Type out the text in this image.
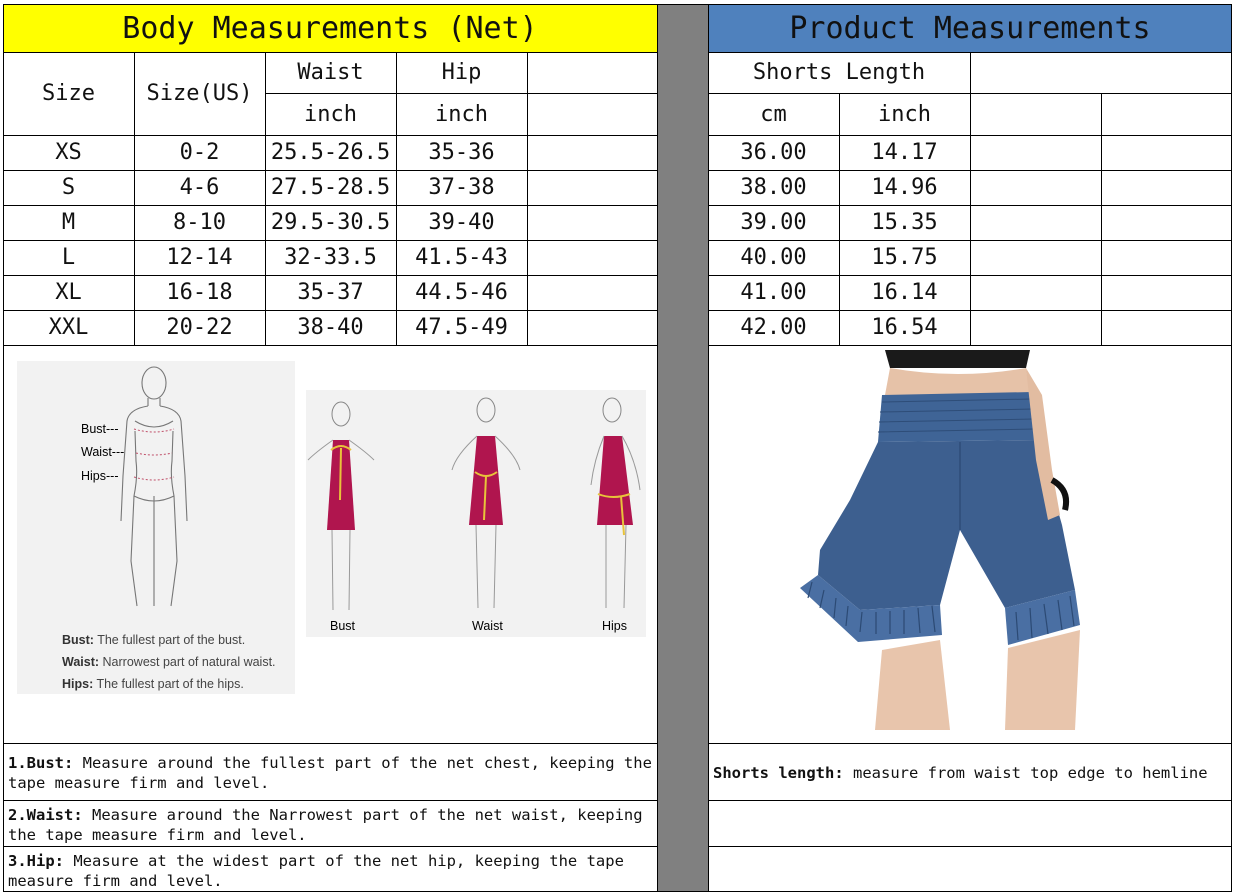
Body Measurements (Net)	Product Measurements
Size Size(US)
Waist	Hip
inch	inch
XS	0-2	25.5-26.5	35-36
S	4-6	27.5-28.5	37-38
M	8-10	29.5-30.5	39-40
L	12-14	32-33.5	41.5-43
XL	16-18	35-37	44.5-46
XXL	20-22	38-40	47.5-49
Shorts Length
cm	inch
36.00	14.17
38.00	14.96
39.00	15.35
40.00	15.75
41.00	16.14
42.00	16.54
Bust---
Waist---
Hips---
Bust: The fullest part of the bust.
Waist: Narrowest part of natural waist.
Hips: The fullest part of the hips.
Bust	Waist	Hips
1.Bust: Measure around the fullest part of the net chest, keeping the tape measure firm and level.
2.Waist: Measure around the Narrowest part of the net waist, keeping the tape measure firm and level.
3.Hip: Measure at the widest part of the net hip, keeping the tape measure firm and level.
Shorts length: measure from waist top edge to hemline
